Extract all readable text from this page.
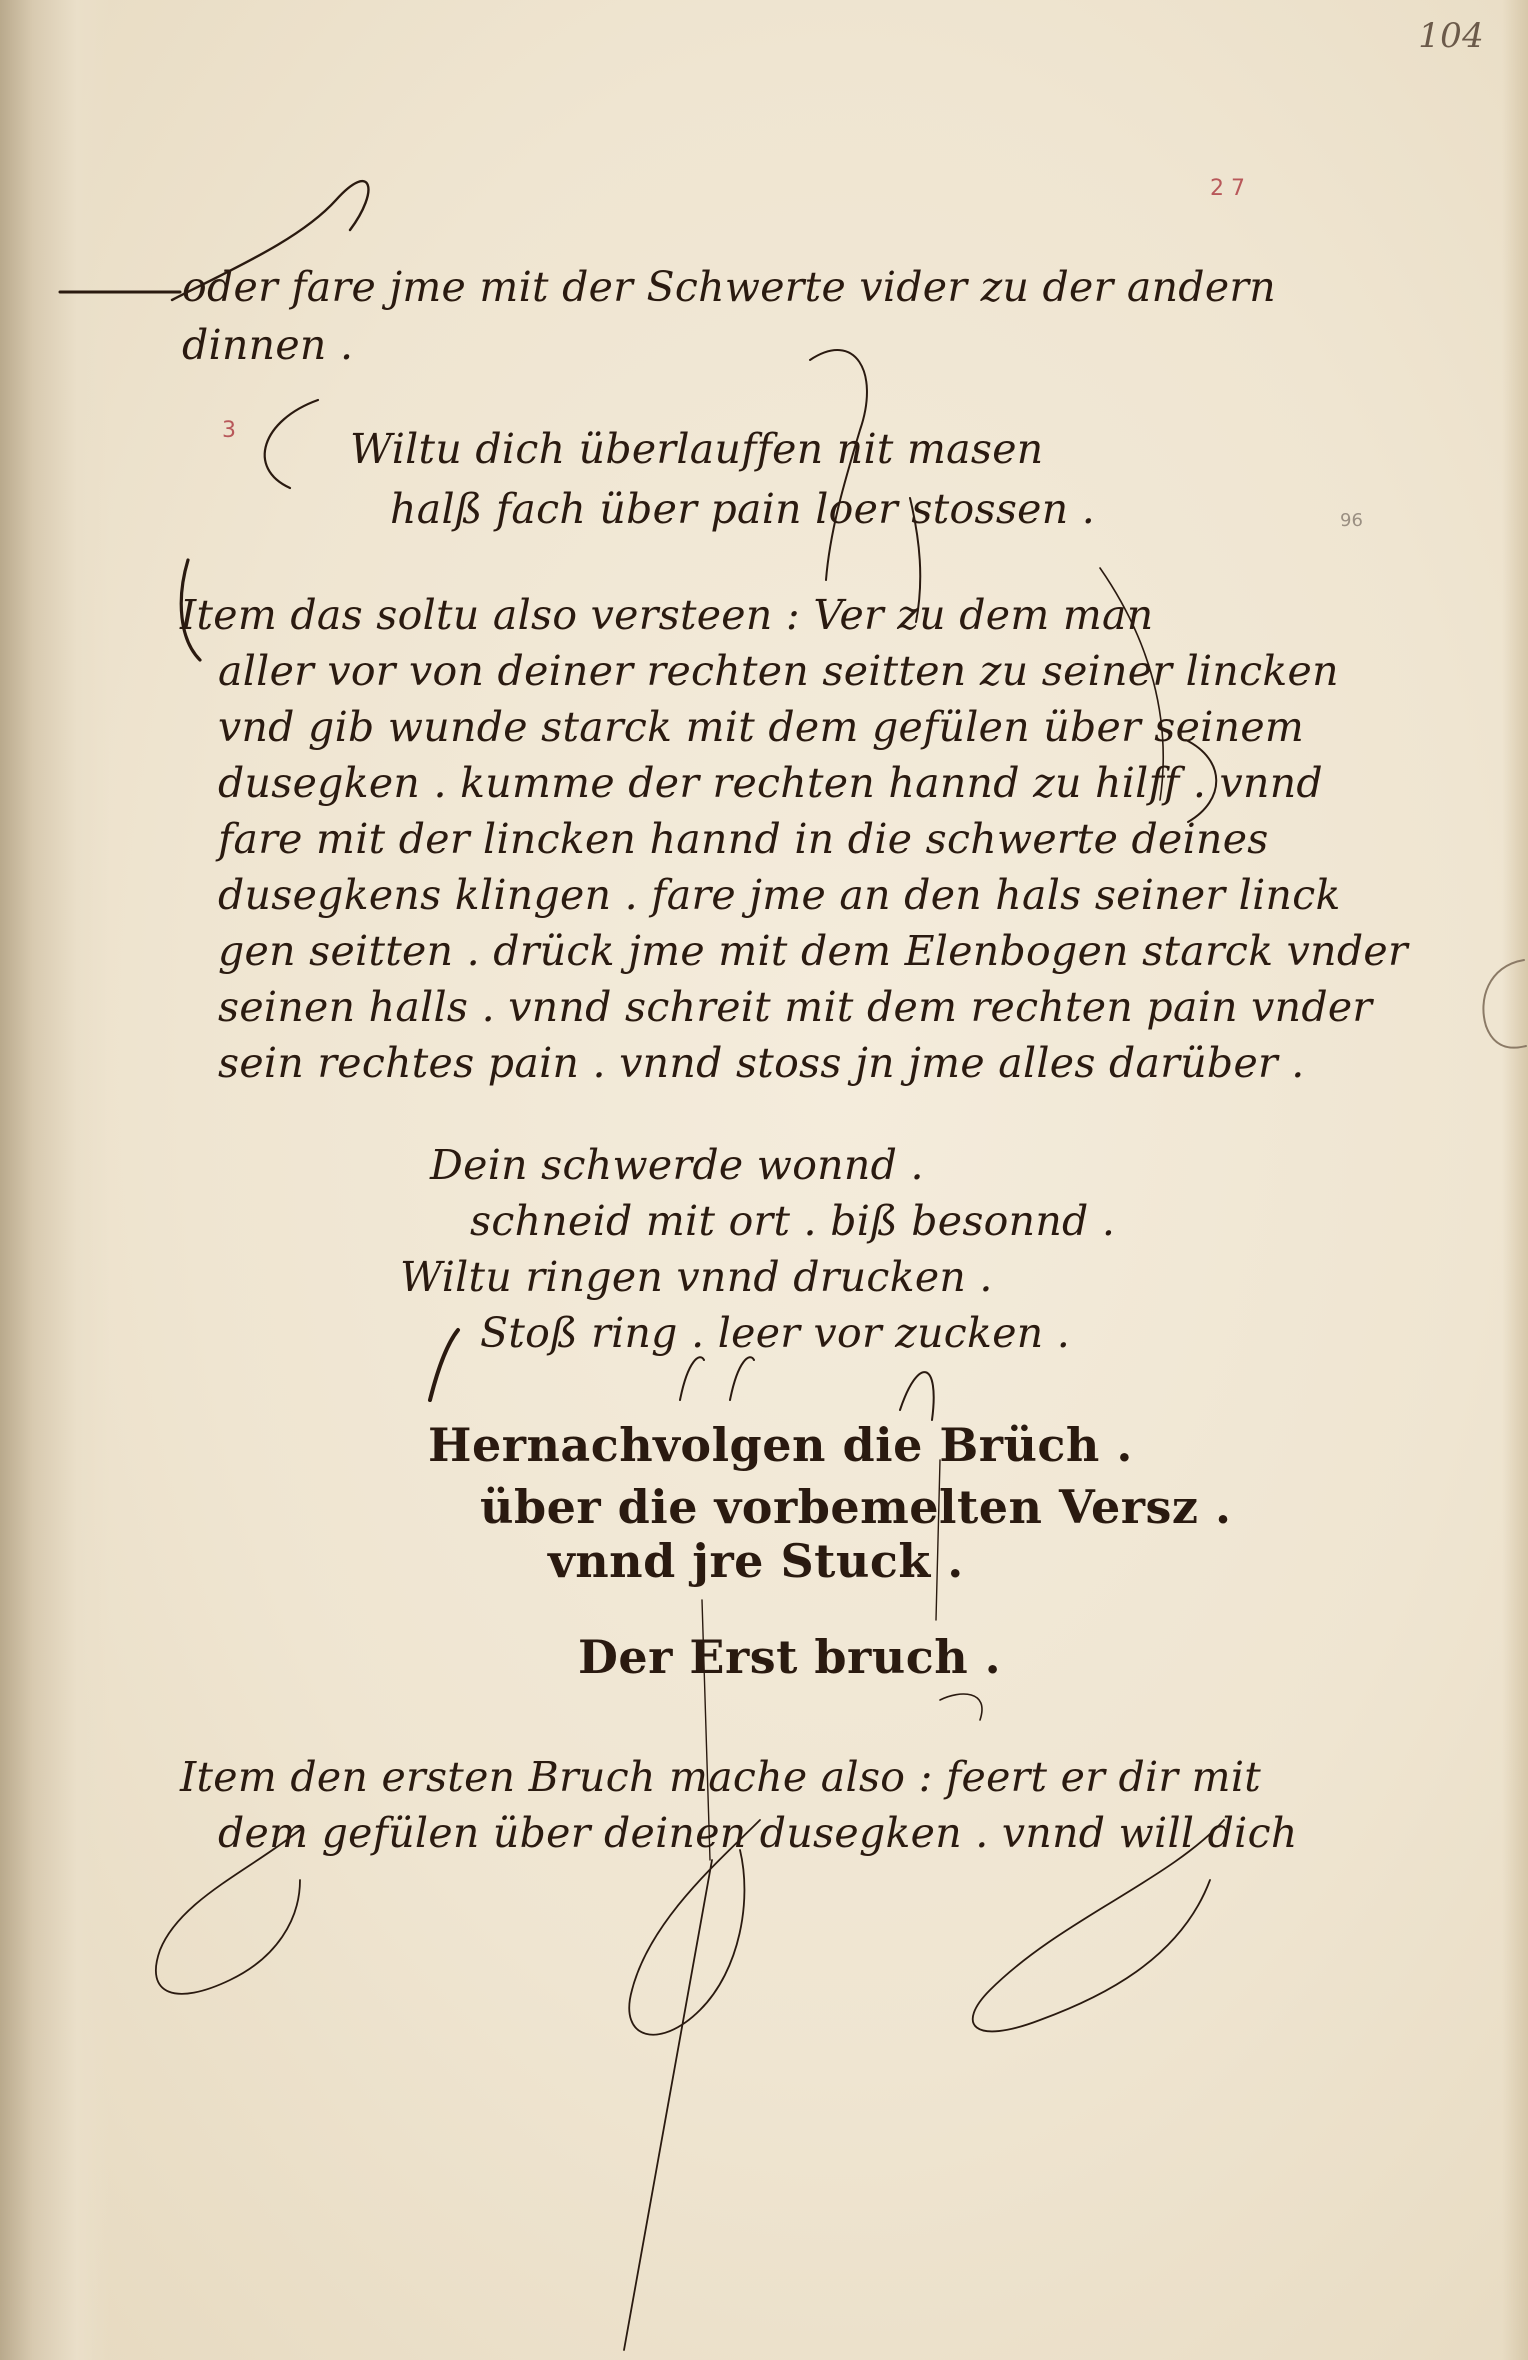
104
2 7
3
96
oder fare jme mit der Schwerte vider zu der andern
dinnen .
Wiltu dich überlauffen nit masen
halß fach über pain loer stossen .
Item das soltu also versteen : Ver zu dem man
aller vor von deiner rechten seitten zu seiner lincken
vnd gib wunde starck mit dem gefülen über seinem
dusegken . kumme der rechten hannd zu hilff . vnnd
fare mit der lincken hannd in die schwerte deines
dusegkens klingen . fare jme an den hals seiner linck
gen seitten . drück jme mit dem Elenbogen starck vnder
seinen halls . vnnd schreit mit dem rechten pain vnder
sein rechtes pain . vnnd stoss jn jme alles darüber .
Dein schwerde wonnd .
schneid mit ort . biß besonnd .
Wiltu ringen vnnd drucken .
Stoß ring . leer vor zucken .
Hernachvolgen die Brüch .
über die vorbemelten Versz .
vnnd jre Stuck .
Der Erst bruch .
Item den ersten Bruch mache also : feert er dir mit
dem gefülen über deinen dusegken . vnnd will dich
